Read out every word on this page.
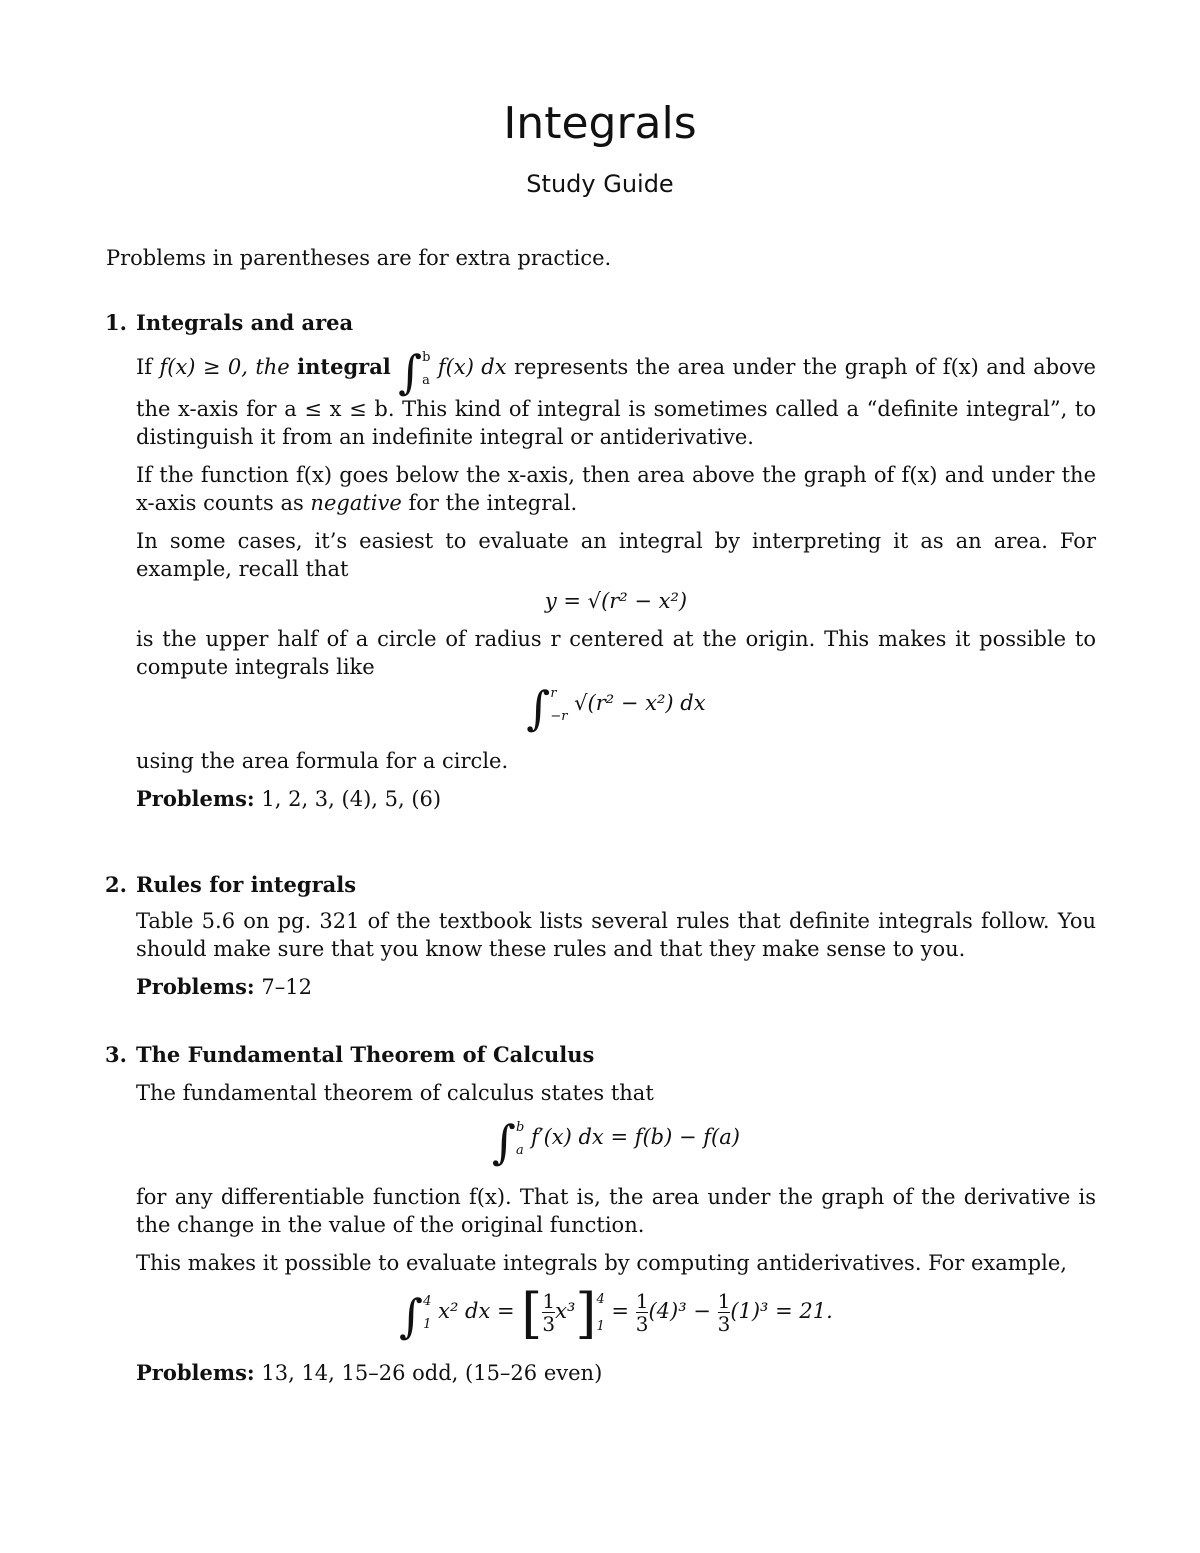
Integrals
Study Guide
Problems in parentheses are for extra practice.

1. Integrals and area

If f(x) ≥ 0, the integral ∫ b
a
f(x) dx represents the area under the graph of f(x) and above the x-axis for a ≤ x ≤ b. This kind of integral is sometimes called a “definite integral”, to distinguish it from an indefinite integral or antiderivative.

If the function f(x) goes below the x-axis, then area above the graph of f(x) and under the x-axis counts as negative for the integral.

In some cases, it’s easiest to evaluate an integral by interpreting it as an area. For example, recall that

y = √(r² − x²)

is the upper half of a circle of radius r centered at the origin. This makes it possible to compute integrals like

∫ r
−r
√(r² − x²) dx

using the area formula for a circle.

Problems: 1, 2, 3, (4), 5, (6)

2. Rules for integrals

Table 5.6 on pg. 321 of the textbook lists several rules that definite integrals follow. You should make sure that you know these rules and that they make sense to you.

Problems: 7–12

3. The Fundamental Theorem of Calculus

The fundamental theorem of calculus states that

∫ b
a
f′(x) dx = f(b) − f(a)

for any differentiable function f(x). That is, the area under the graph of the derivative is the change in the value of the original function.

This makes it possible to evaluate integrals by computing antiderivatives. For example,

∫ 4
1
x² dx = [ $\frac{1}{3} x^3$] 4
1
= $\frac{1}{3} (4)^3 - \frac{1}{3} (1)^3 = 21$.

Problems: 13, 14, 15–26 odd, (15–26 even)
